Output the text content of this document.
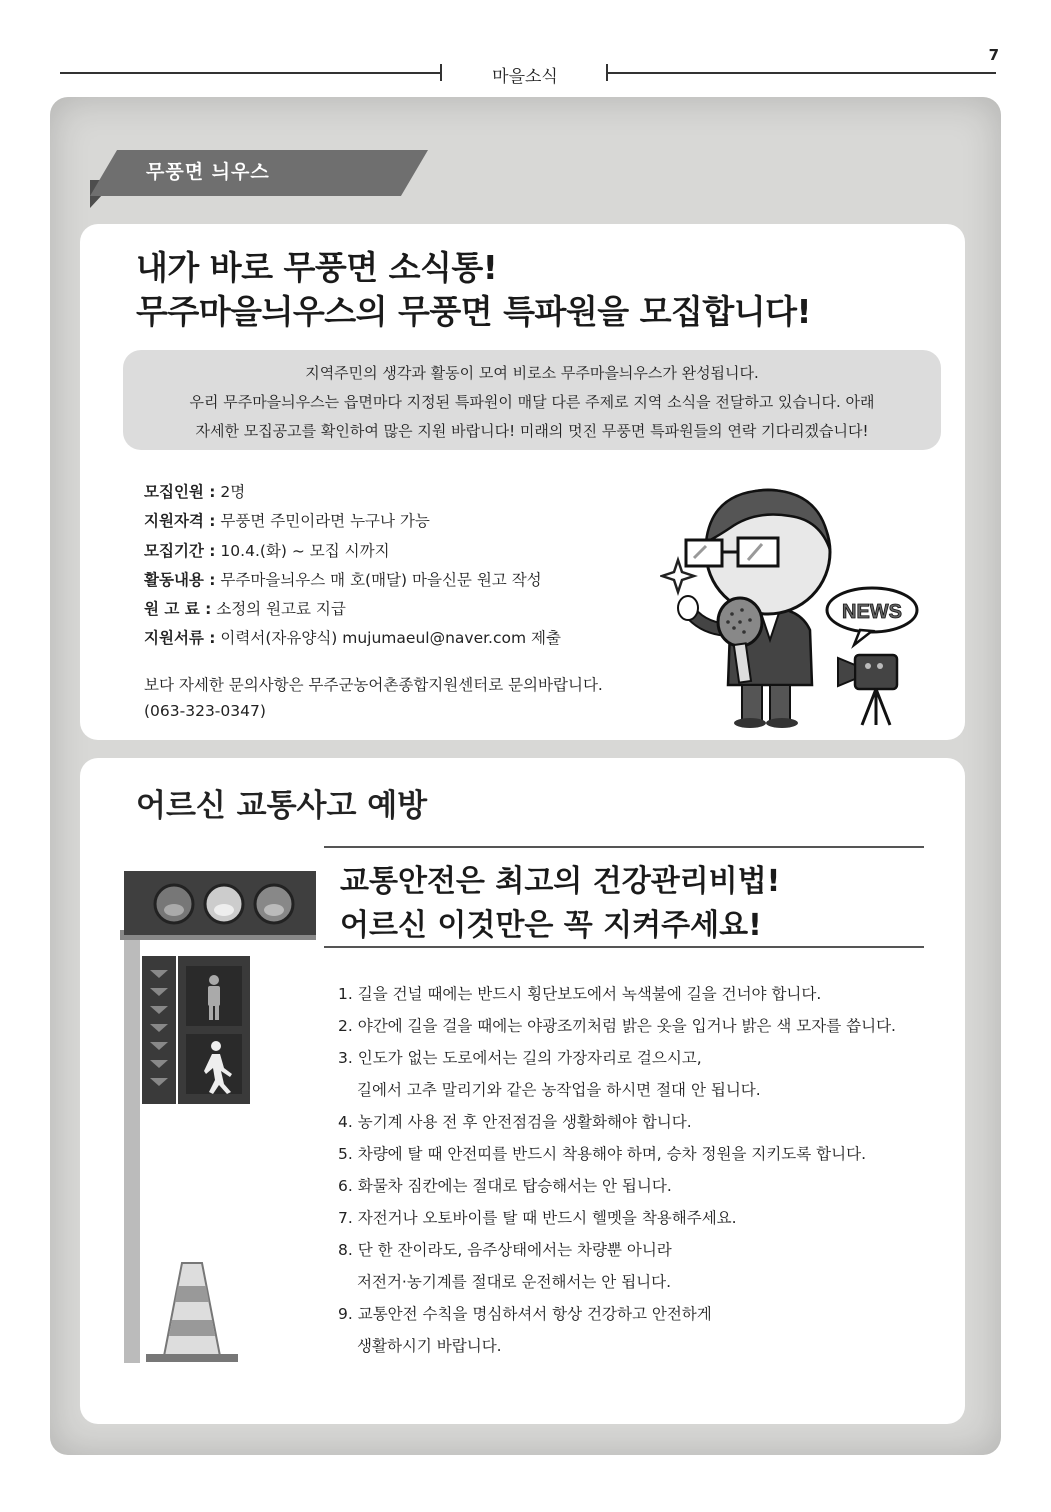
7
마을소식
무풍면 늬우스
내가 바로 무풍면 소식통!
무주마을늬우스의 무풍면 특파원을 모집합니다!
지역주민의 생각과 활동이 모여 비로소 무주마을늬우스가 완성됩니다.
우리 무주마을늬우스는 읍면마다 지정된 특파원이 매달 다른 주제로 지역 소식을 전달하고 있습니다. 아래
자세한 모집공고를 확인하여 많은 지원 바랍니다! 미래의 멋진 무풍면 특파원들의 연락 기다리겠습니다!
모집인원 : 2명
지원자격 : 무풍면 주민이라면 누구나 가능
모집기간 : 10.4.(화) ~ 모집 시까지
활동내용 : 무주마을늬우스 매 호(매달) 마을신문 원고 작성
원 고 료 : 소정의 원고료 지급
지원서류 : 이력서(자유양식) mujumaeul@naver.com 제출
보다 자세한 문의사항은 무주군농어촌종합지원센터로 문의바랍니다.
(063-323-0347)
NEWS
어르신 교통사고 예방
교통안전은 최고의 건강관리비법!
어르신 이것만은 꼭 지켜주세요!
1. 길을 건널 때에는 반드시 횡단보도에서 녹색불에 길을 건너야 합니다.
2. 야간에 길을 걸을 때에는 야광조끼처럼 밝은 옷을 입거나 밝은 색 모자를 씁니다.
3. 인도가 없는 도로에서는 길의 가장자리로 걸으시고,
길에서 고추 말리기와 같은 농작업을 하시면 절대 안 됩니다.
4. 농기계 사용 전 후 안전점검을 생활화해야 합니다.
5. 차량에 탈 때 안전띠를 반드시 착용해야 하며, 승차 정원을 지키도록 합니다.
6. 화물차 짐칸에는 절대로 탑승해서는 안 됩니다.
7. 자전거나 오토바이를 탈 때 반드시 헬멧을 착용해주세요.
8. 단 한 잔이라도, 음주상태에서는 차량뿐 아니라
저전거·농기계를 절대로 운전해서는 안 됩니다.
9. 교통안전 수칙을 명심하셔서 항상 건강하고 안전하게
생활하시기 바랍니다.
